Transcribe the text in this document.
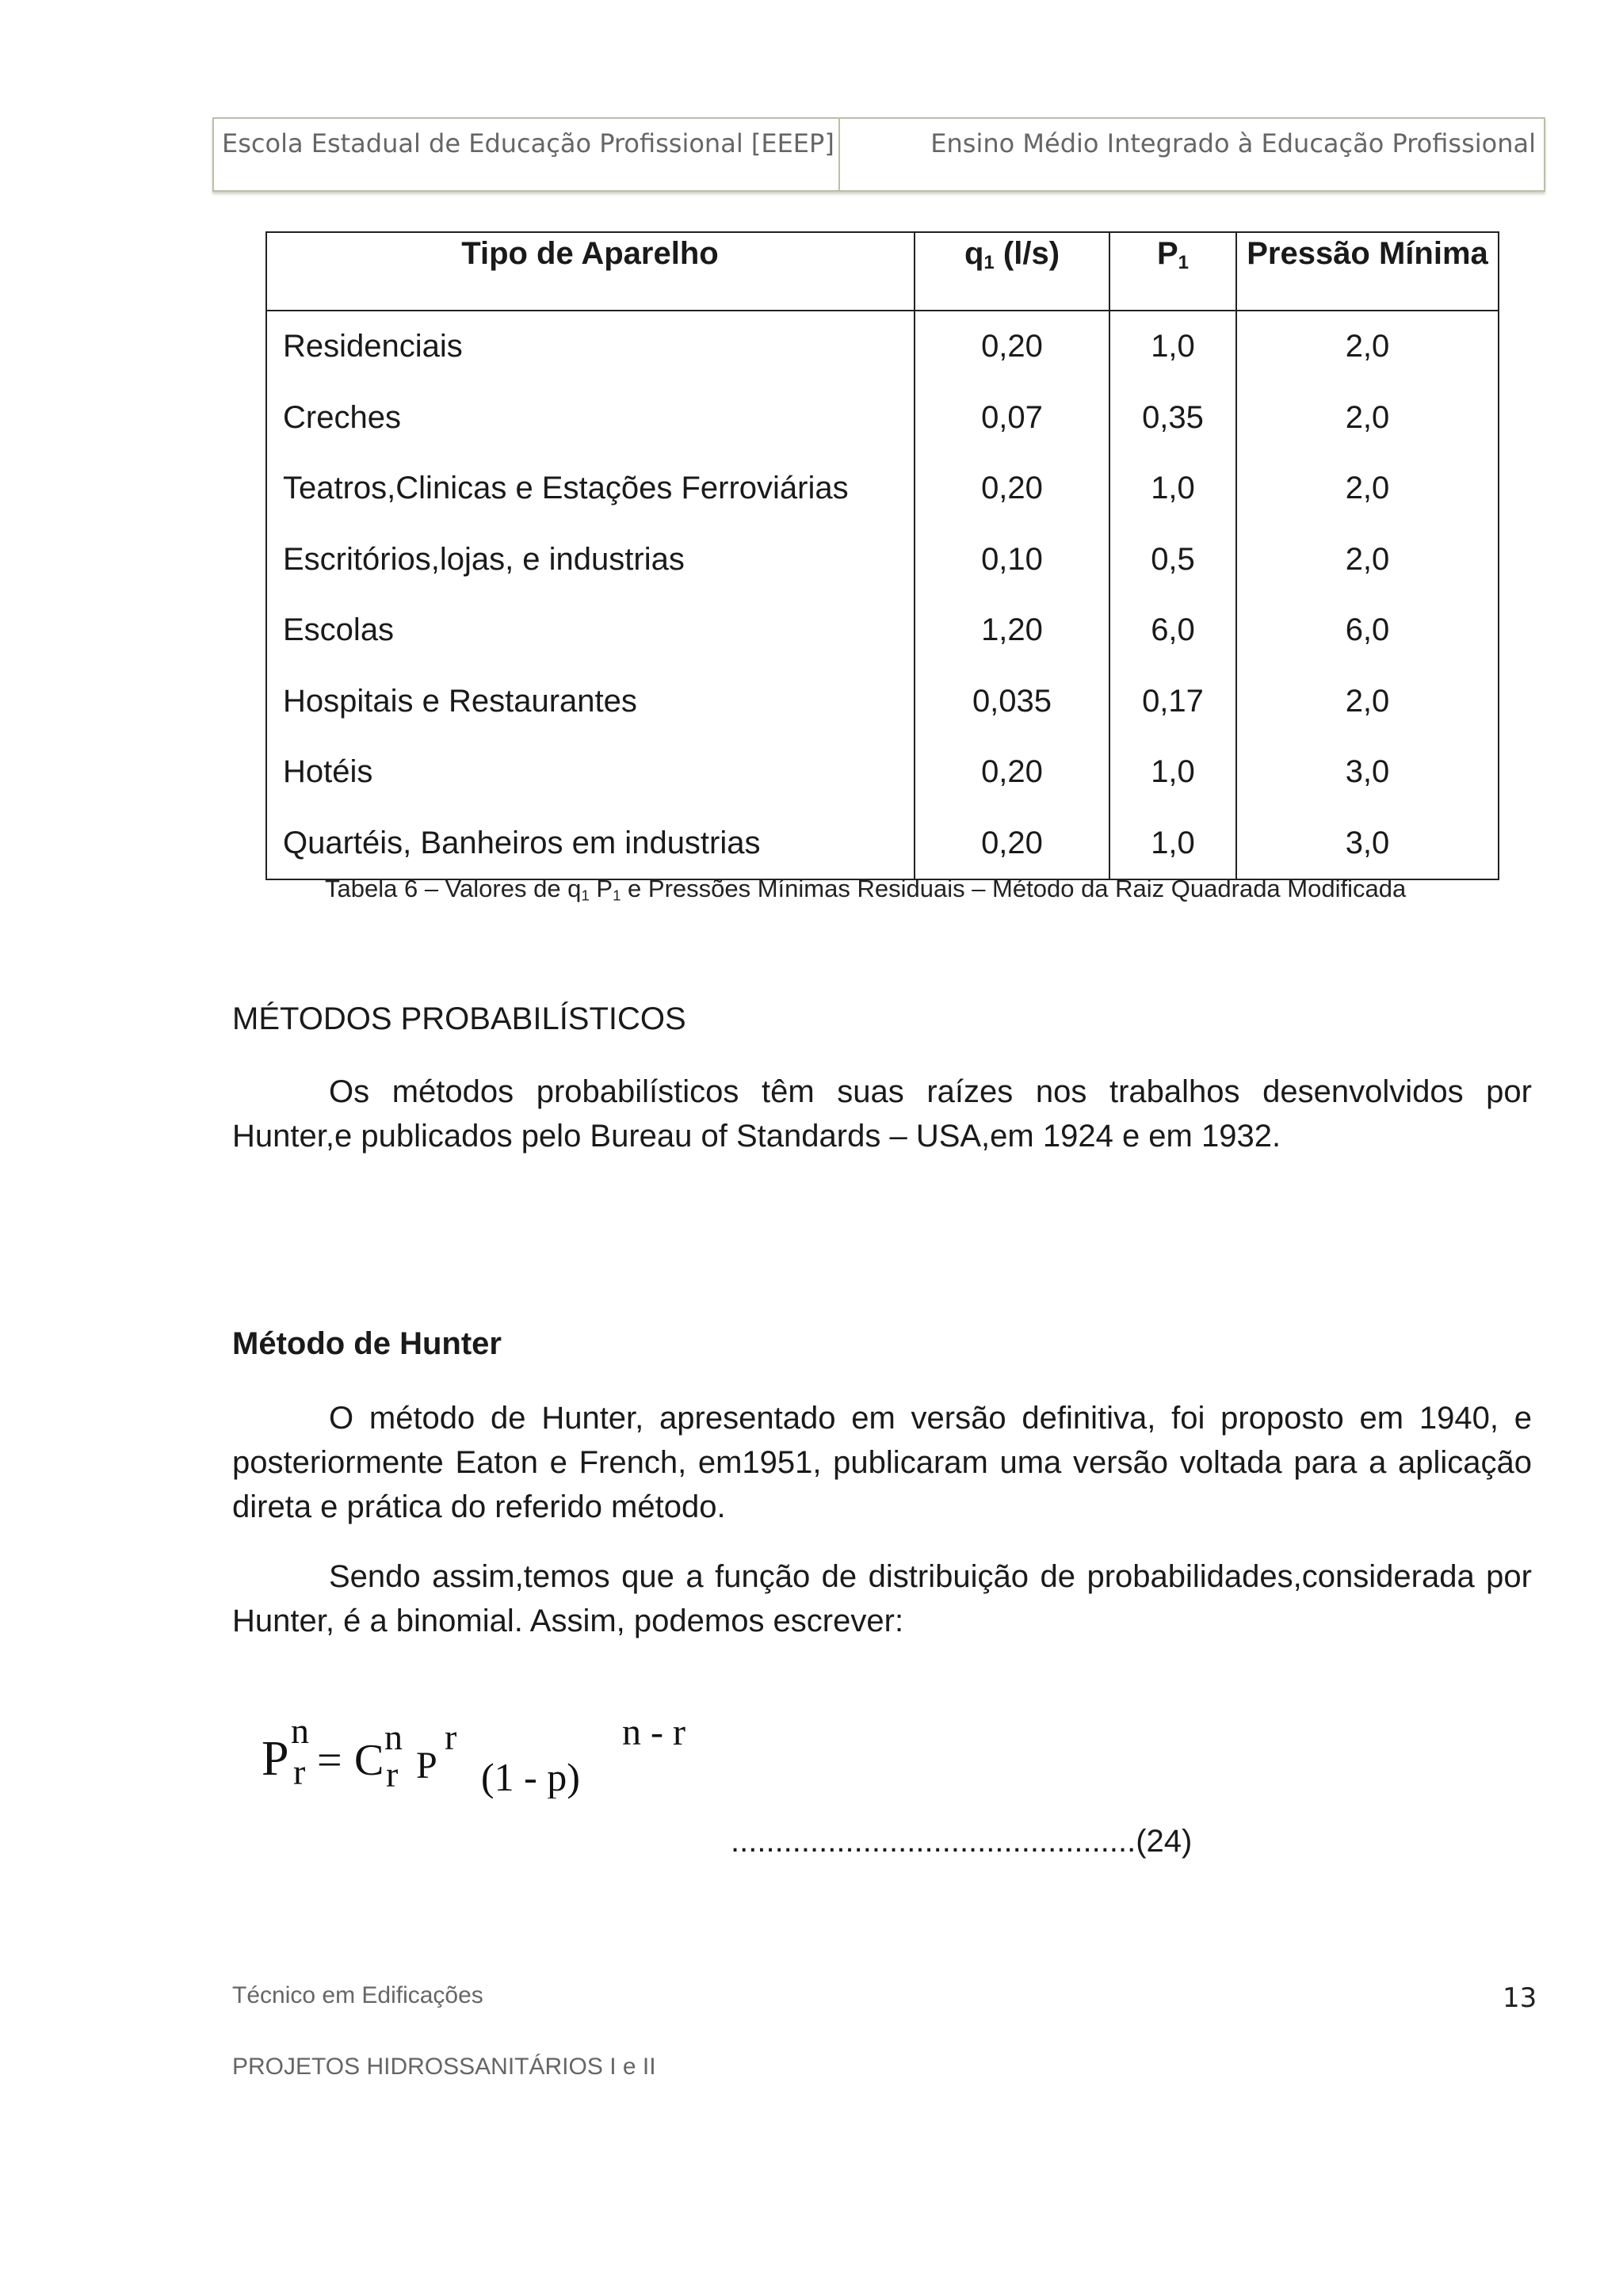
Escola Estadual de Educação Profissional [EEEP]	Ensino Médio Integrado à Educação Profissional
Tipo de Aparelho	$q_1$ (l/s)	$P_1$	Pressão Mínima
Residenciais	0,20	1,0	2,0
Creches	0,07	0,35	2,0
Teatros,Clinicas e Estações Ferroviárias	0,20	1,0	2,0
Escritórios,lojas, e industrias	0,10	0,5	2,0
Escolas	1,20	6,0	6,0
Hospitais e Restaurantes	0,035	0,17	2,0
Hotéis	0,20	1,0	3,0
Quartéis, Banheiros em industrias	0,20	1,0	3,0
Tabela 6 – Valores de $q_1$ $P_1$ e Pressões Mínimas Residuais – Método da Raiz Quadrada Modificada
MÉTODOS PROBABILÍSTICOS
Os métodos probabilísticos têm suas raízes nos trabalhos desenvolvidos por Hunter,e publicados pelo Bureau of Standards – USA,em 1924 e em 1932.
Método de Hunter
O método de Hunter, apresentado em versão definitiva, foi proposto em 1940, e posteriormente Eaton e French, em1951, publicaram uma versão voltada para a aplicação direta e prática do referido método.
Sendo assim,temos que a função de distribuição de probabilidades,considerada por Hunter, é a binomial. Assim, podemos escrever:
P
n
r = C n
r P
r
(1 - p)
n - r
..............................................(24)
Técnico em Edificações	13
PROJETOS HIDROSSANITÁRIOS I e II
